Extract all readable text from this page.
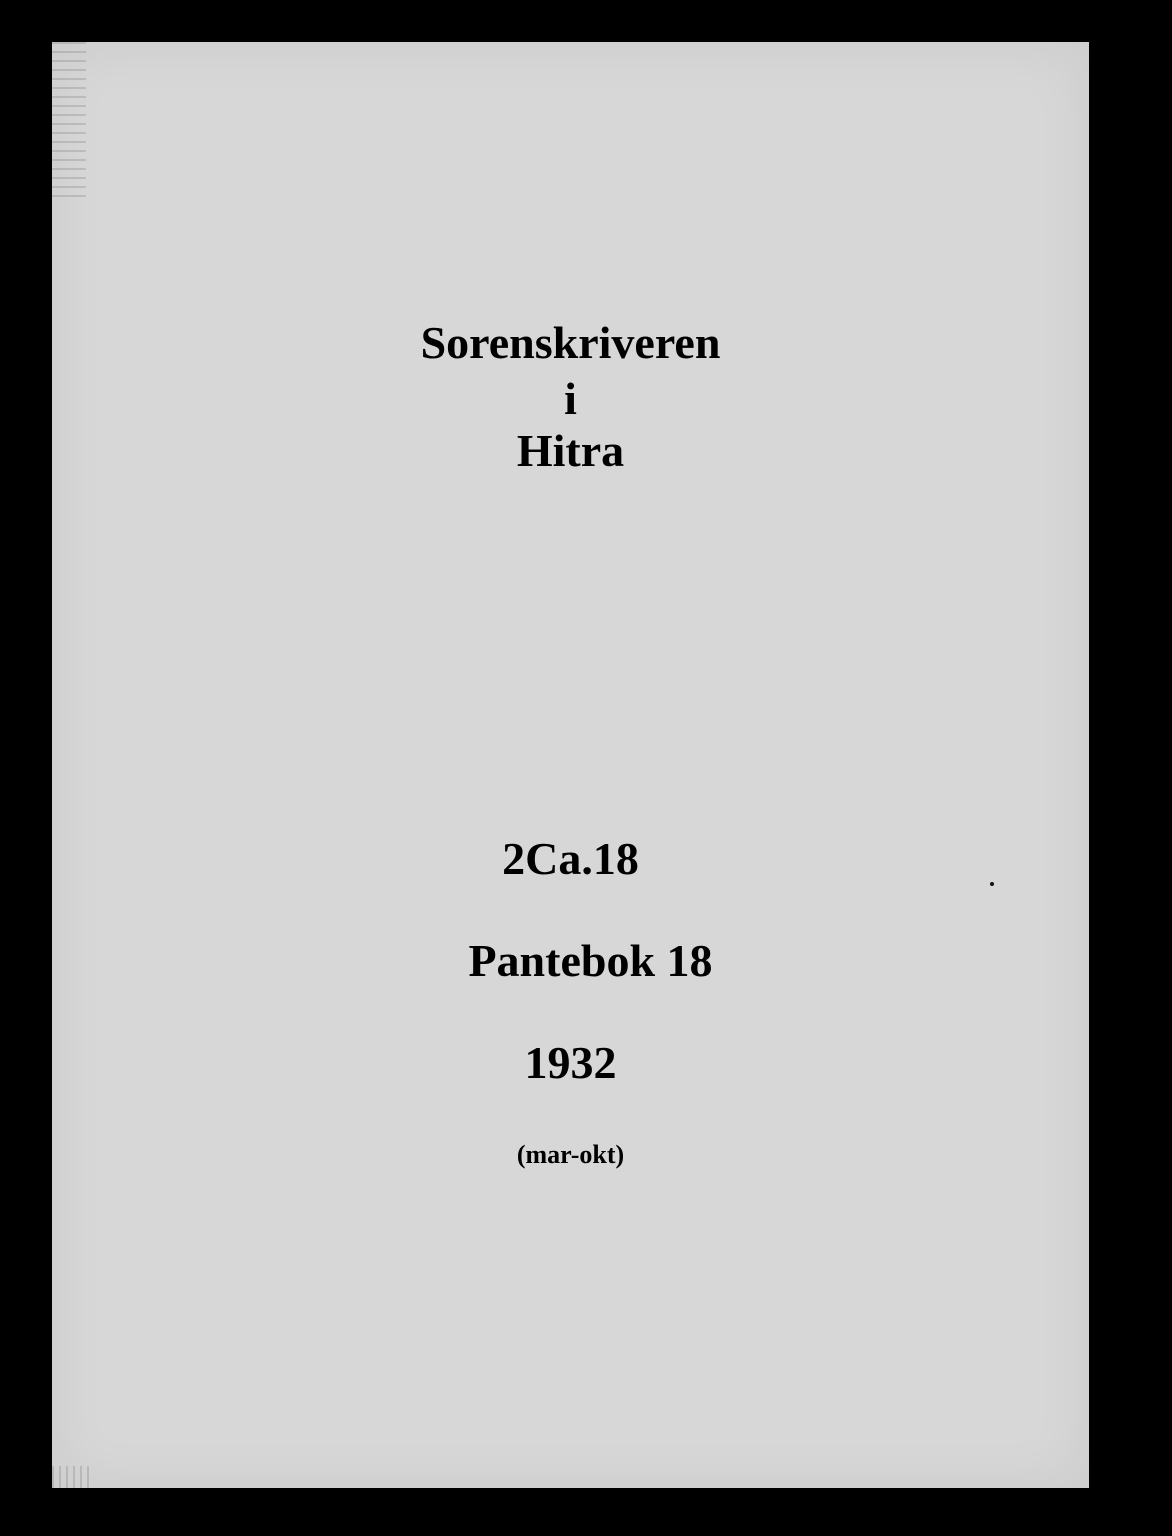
Sorenskriveren
i
Hitra
2Ca.18
Pantebok 18
1932
(mar-okt)
